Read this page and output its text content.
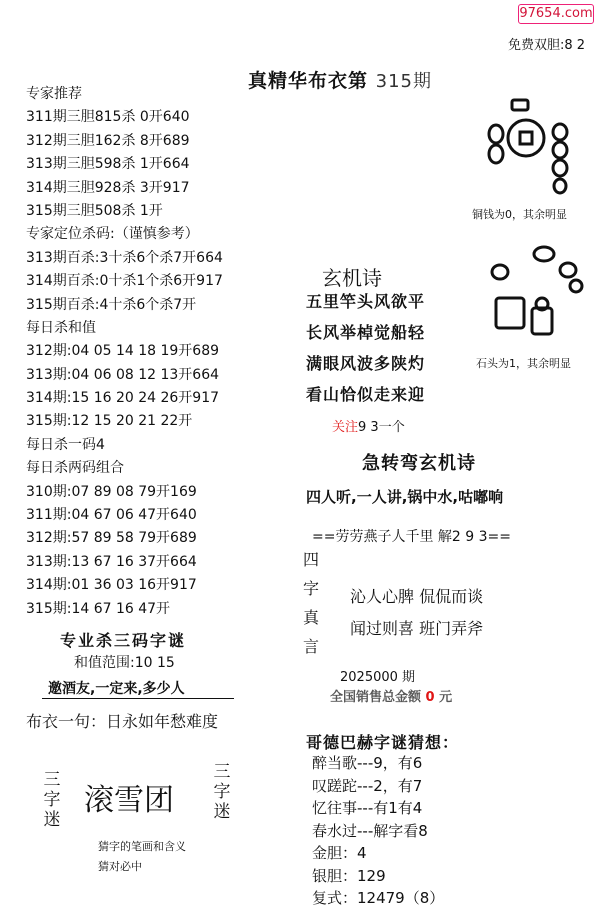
97654.com
免费双胆:8 2
真精华布衣第 315期
专家推荐
311期三胆815杀 0开640
312期三胆162杀 8开689
313期三胆598杀 1开664
314期三胆928杀 3开917
315期三胆508杀 1开
专家定位杀码:（谨慎参考）
313期百杀:3十杀6个杀7开664
314期百杀:0十杀1个杀6开917
315期百杀:4十杀6个杀7开
每日杀和值
312期:04 05 14 18 19开689
313期:04 06 08 12 13开664
314期:15 16 20 24 26开917
315期:12 15 20 21 22开
每日杀一码4
每日杀两码组合
310期:07 89 08 79开169
311期:04 67 06 47开640
312期:57 89 58 79开689
313期:13 67 16 37开664
314期:01 36 03 16开917
315期:14 67 16 47开
专业杀三码字谜
和值范围:10 15
邀酒友,一定来,多少人
布衣一句：日永如年愁难度
三
字
迷
滚雪团
三
字
迷
猜字的笔画和含义
猜对必中
铜钱为0，其余明显
石头为1，其余明显
玄机诗
五里竿头风欲平
长风举棹觉船轻
满眼风波多陕灼
看山恰似走来迎
关注9 3一个
急转弯玄机诗
四人听,一人讲,锅中水,咕嘟响
==劳劳燕子人千里 解2 9 3==
四
字
真
言
沁人心脾 侃侃而谈
闻过则喜 班门弄斧
2025000 期
全国销售总金额 0 元
哥德巴赫字谜猜想：
醉当歌---9，有6
叹蹉跎---2，有7
忆往事---有1有4
春水过---解字看8
金胆：4
银胆：129
复式：12479（8）
